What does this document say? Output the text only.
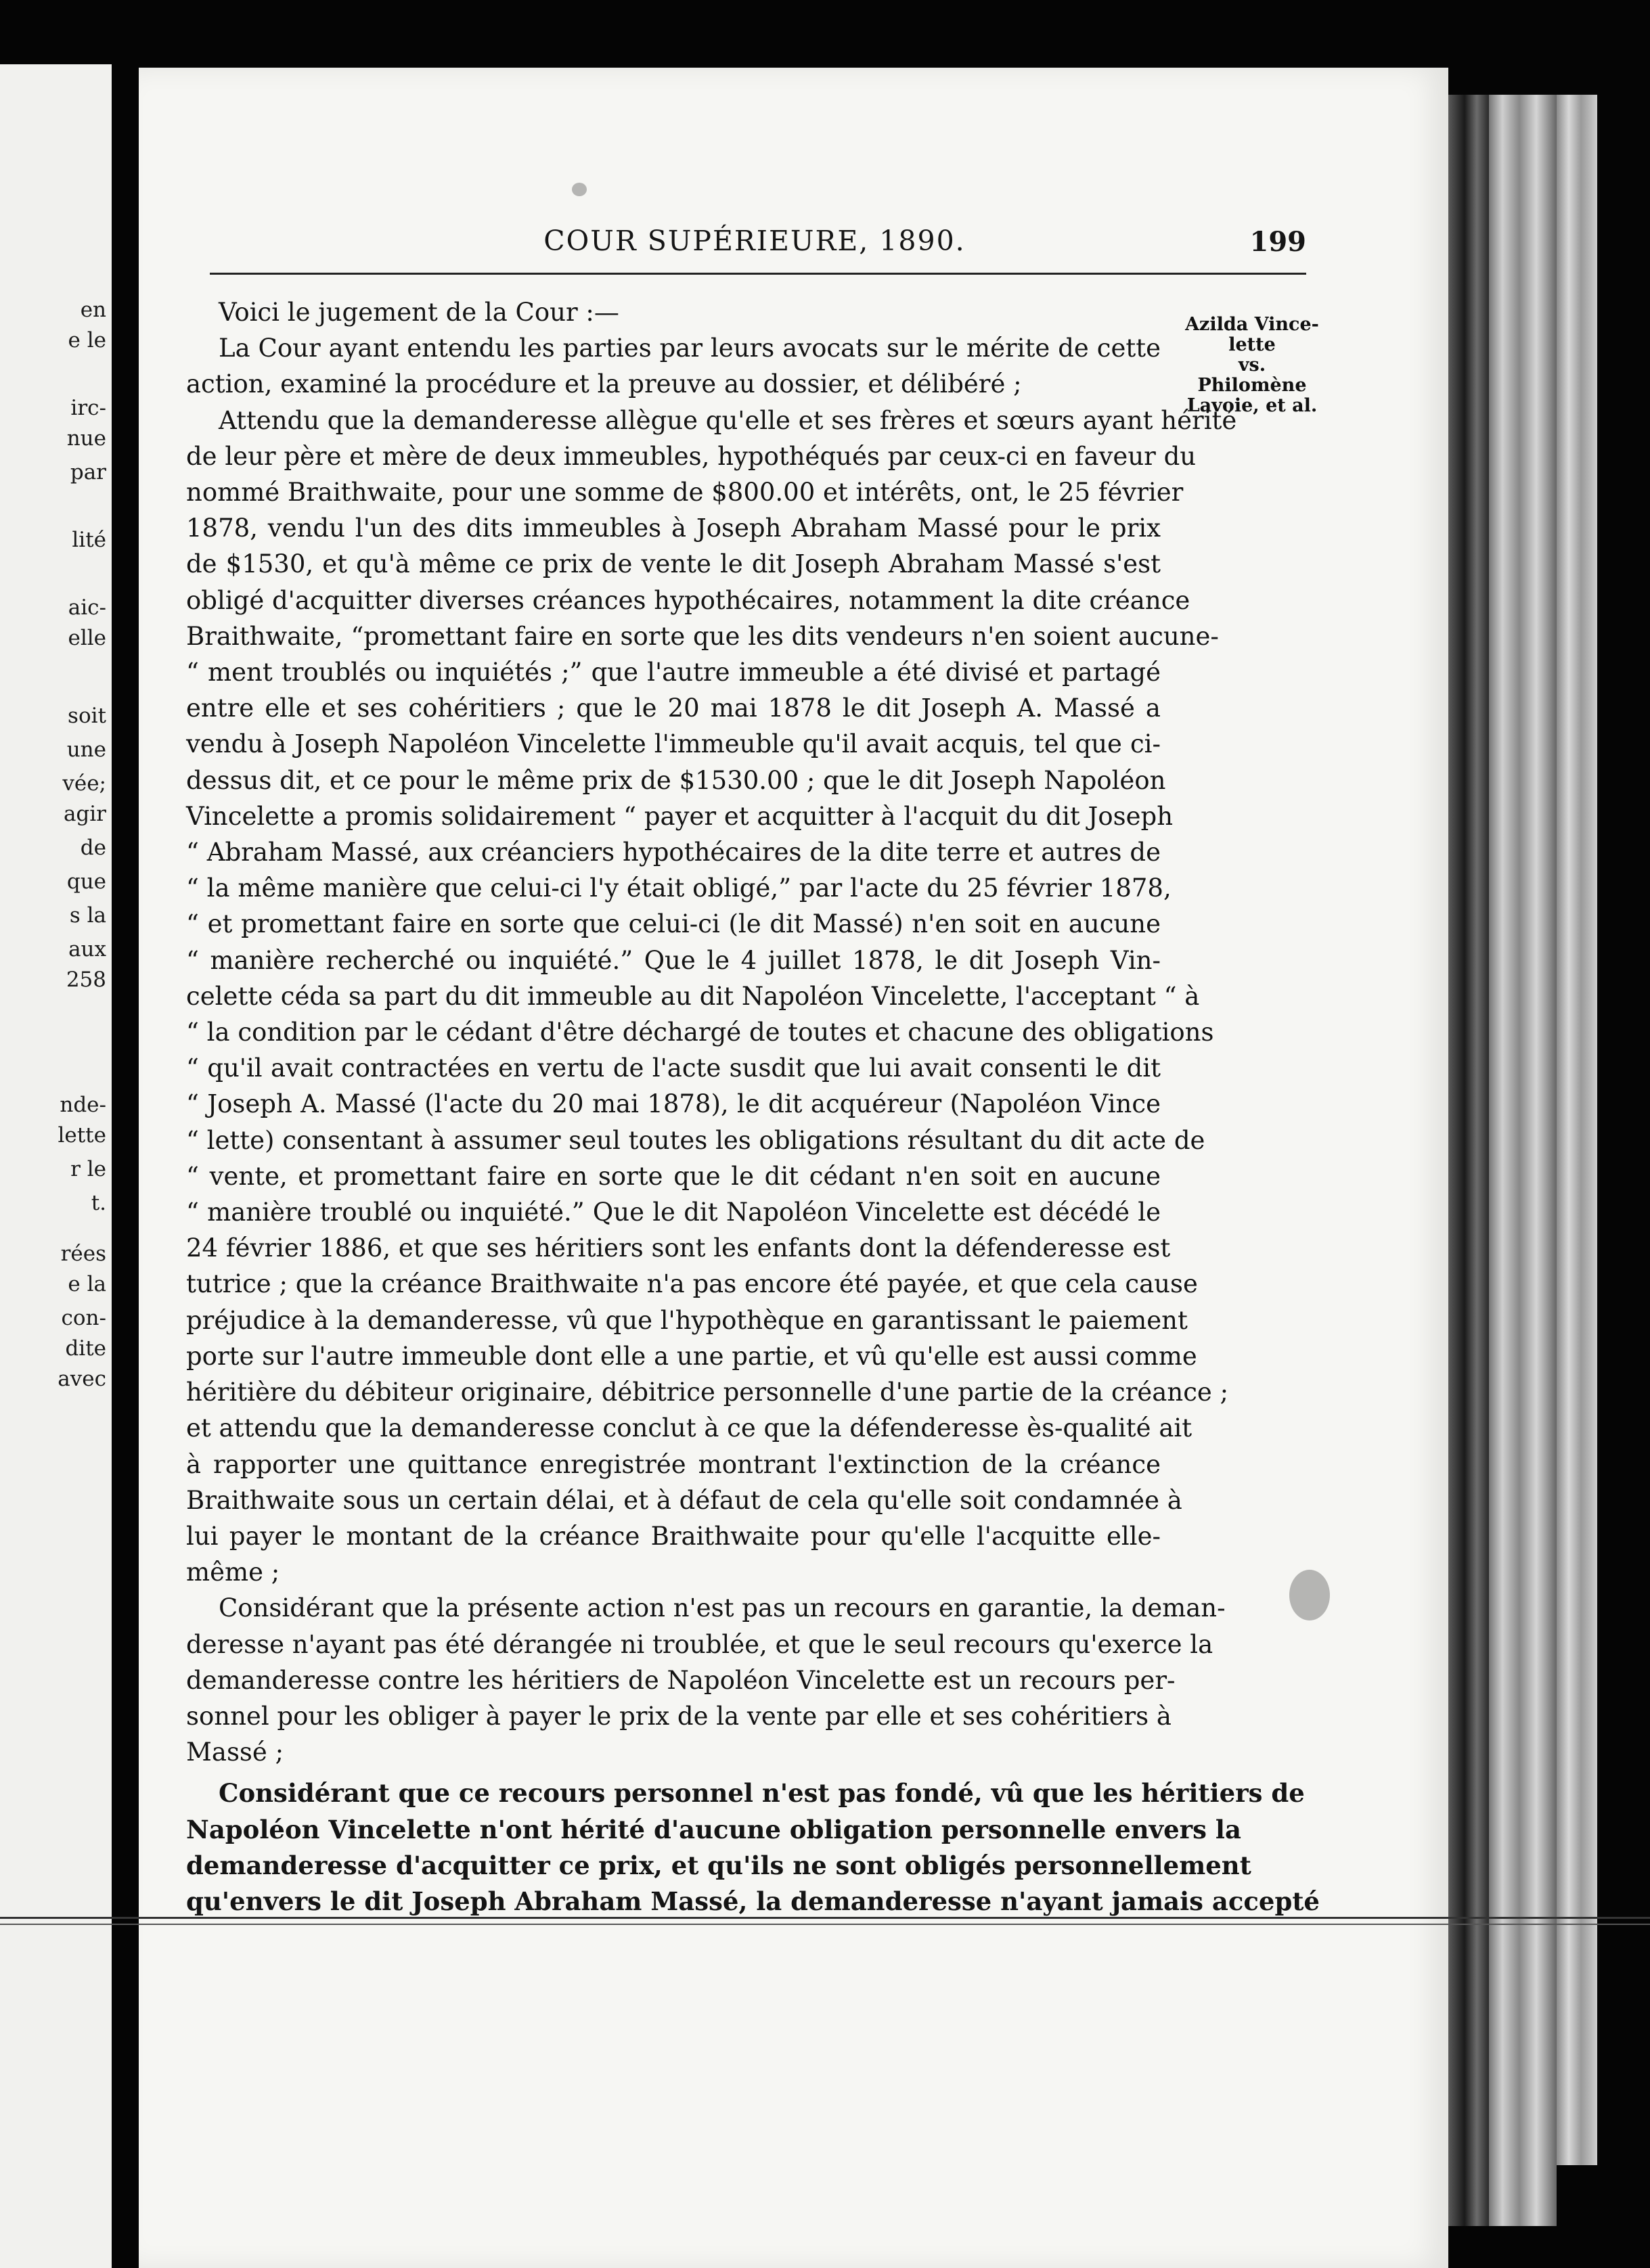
en
e le
irc-
nue
par
lité
aic-
elle
soit
une
vée;
agir
de
que
s la
aux
258
nde-
lette
r le
t.
rées
e la
con-
dite
avec
COUR SUPÉRIEURE, 1890.	199
Azilda Vince-
lette
vs.
Philomène
Lavoie, et al.
Voici le jugement de la Cour :—
La Cour ayant entendu les parties par leurs avocats sur le mérite de cette
action, examiné la procédure et la preuve au dossier, et délibéré ;
Attendu que la demanderesse allègue qu'elle et ses frères et sœurs ayant hérité
de leur père et mère de deux immeubles, hypothéqués par ceux-ci en faveur du
nommé Braithwaite, pour une somme de $800.00 et intérêts, ont, le 25 février
1878, vendu l'un des dits immeubles à Joseph Abraham Massé pour le prix
de $1530, et qu'à même ce prix de vente le dit Joseph Abraham Massé s'est
obligé d'acquitter diverses créances hypothécaires, notamment la dite créance
Braithwaite, “promettant faire en sorte que les dits vendeurs n'en soient aucune-
“ ment troublés ou inquiétés ;” que l'autre immeuble a été divisé et partagé
entre elle et ses cohéritiers ; que le 20 mai 1878 le dit Joseph A. Massé a
vendu à Joseph Napoléon Vincelette l'immeuble qu'il avait acquis, tel que ci-
dessus dit, et ce pour le même prix de $1530.00 ; que le dit Joseph Napoléon
Vincelette a promis solidairement “ payer et acquitter à l'acquit du dit Joseph
“ Abraham Massé, aux créanciers hypothécaires de la dite terre et autres de
“ la même manière que celui-ci l'y était obligé,” par l'acte du 25 février 1878,
“ et promettant faire en sorte que celui-ci (le dit Massé) n'en soit en aucune
“ manière recherché ou inquiété.” Que le 4 juillet 1878, le dit Joseph Vin-
celette céda sa part du dit immeuble au dit Napoléon Vincelette, l'acceptant “ à
“ la condition par le cédant d'être déchargé de toutes et chacune des obligations
“ qu'il avait contractées en vertu de l'acte susdit que lui avait consenti le dit
“ Joseph A. Massé (l'acte du 20 mai 1878), le dit acquéreur (Napoléon Vince
“ lette) consentant à assumer seul toutes les obligations résultant du dit acte de
“ vente, et promettant faire en sorte que le dit cédant n'en soit en aucune
“ manière troublé ou inquiété.” Que le dit Napoléon Vincelette est décédé le
24 février 1886, et que ses héritiers sont les enfants dont la défenderesse est
tutrice ; que la créance Braithwaite n'a pas encore été payée, et que cela cause
préjudice à la demanderesse, vû que l'hypothèque en garantissant le paiement
porte sur l'autre immeuble dont elle a une partie, et vû qu'elle est aussi comme
héritière du débiteur originaire, débitrice personnelle d'une partie de la créance ;
et attendu que la demanderesse conclut à ce que la défenderesse ès-qualité ait
à rapporter une quittance enregistrée montrant l'extinction de la créance
Braithwaite sous un certain délai, et à défaut de cela qu'elle soit condamnée à
lui payer le montant de la créance Braithwaite pour qu'elle l'acquitte elle-
même ;
Considérant que la présente action n'est pas un recours en garantie, la deman-
deresse n'ayant pas été dérangée ni troublée, et que le seul recours qu'exerce la
demanderesse contre les héritiers de Napoléon Vincelette est un recours per-
sonnel pour les obliger à payer le prix de la vente par elle et ses cohéritiers à
Massé ;
Considérant que ce recours personnel n'est pas fondé, vû que les héritiers de
Napoléon Vincelette n'ont hérité d'aucune obligation personnelle envers la
demanderesse d'acquitter ce prix, et qu'ils ne sont obligés personnellement
qu'envers le dit Joseph Abraham Massé, la demanderesse n'ayant jamais accepté
